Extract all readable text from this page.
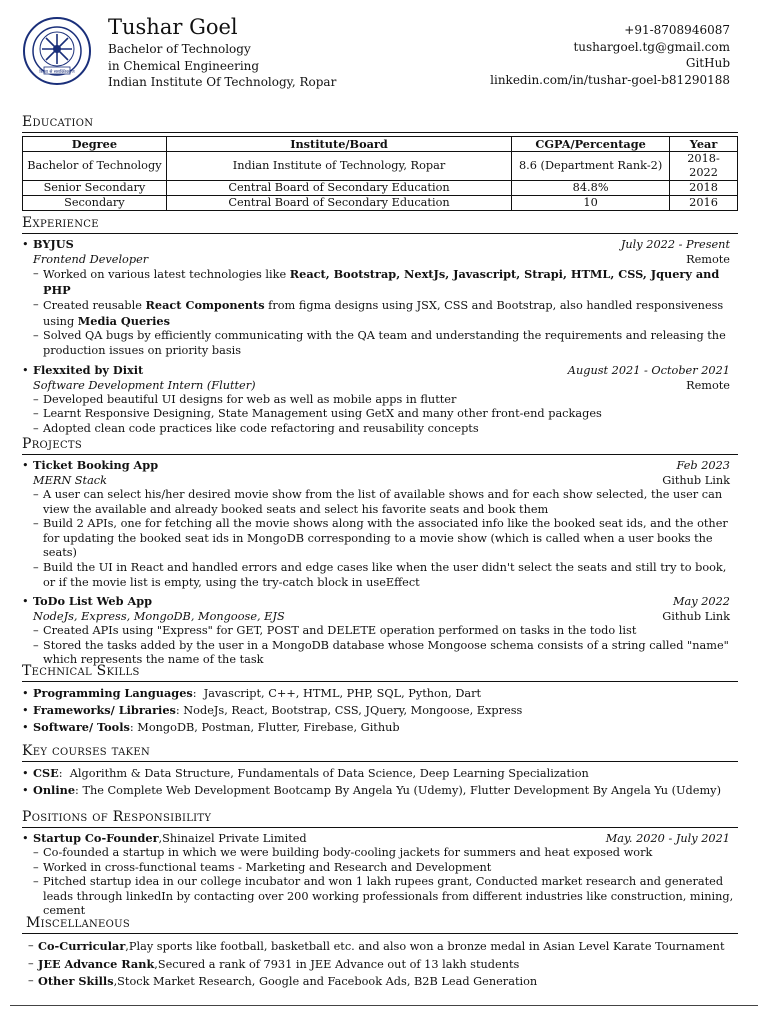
शिक्षा से सशक्तिकरण
Tushar Goel
Bachelor of Technology
in Chemical Engineering
Indian Institute Of Technology, Ropar
+91-8708946087
tushargoel.tg@gmail.com
GitHub
linkedin.com/in/tushar-goel-b81290188
Education
Degree	Institute/Board	CGPA/Percentage	Year
Bachelor of Technology	Indian Institute of Technology, Ropar	8.6 (Department Rank-2)	2018-2022
Senior Secondary	Central Board of Secondary Education	84.8%	2018
Secondary	Central Board of Secondary Education	10	2016
Experience
• BYJUS	July 2022 - Present
Frontend Developer	Remote
– Worked on various latest technologies like React, Bootstrap, NextJs, Javascript, Strapi, HTML, CSS, Jquery and PHP
– Created reusable React Components from figma designs using JSX, CSS and Bootstrap, also handled responsiveness using Media Queries
– Solved QA bugs by efficiently communicating with the QA team and understanding the requirements and releasing the production issues on priority basis
• Flexxited by Dixit	August 2021 - October 2021
Software Development Intern (Flutter)	Remote
– Developed beautiful UI designs for web as well as mobile apps in flutter
– Learnt Responsive Designing, State Management using GetX and many other front-end packages
– Adopted clean code practices like code refactoring and reusability concepts
Projects
• Ticket Booking App	Feb 2023
MERN Stack	Github Link
– A user can select his/her desired movie show from the list of available shows and for each show selected, the user can view the available and already booked seats and select his favorite seats and book them
– Build 2 APIs, one for fetching all the movie shows along with the associated info like the booked seat ids, and the other for updating the booked seat ids in MongoDB corresponding to a movie show (which is called when a user books the seats)
– Build the UI in React and handled errors and edge cases like when the user didn't select the seats and still try to book, or if the movie list is empty, using the try-catch block in useEffect
• ToDo List Web App	May 2022
NodeJs, Express, MongoDB, Mongoose, EJS	Github Link
– Created APIs using "Express" for GET, POST and DELETE operation performed on tasks in the todo list
– Stored the tasks added by the user in a MongoDB database whose Mongoose schema consists of a string called "name" which represents the name of the task
Technical Skills
• Programming Languages:  Javascript, C++, HTML, PHP, SQL, Python, Dart
• Frameworks/ Libraries: NodeJs, React, Bootstrap, CSS, JQuery, Mongoose, Express
• Software/ Tools: MongoDB, Postman, Flutter, Firebase, Github
Key courses taken
• CSE:  Algorithm & Data Structure, Fundamentals of Data Science, Deep Learning Specialization
• Online: The Complete Web Development Bootcamp By Angela Yu (Udemy), Flutter Development By Angela Yu (Udemy)
Positions of Responsibility
• Startup Co-Founder,Shinaizel Private Limited	May. 2020 - July 2021
– Co-founded a startup in which we were building body-cooling jackets for summers and heat exposed work
– Worked in cross-functional teams - Marketing and Research and Development
– Pitched startup idea in our college incubator and won 1 lakh rupees grant, Conducted market research and generated leads through linkedIn by contacting over 200 working professionals from different industries like construction, mining, cement
Miscellaneous
– Co-Curricular,Play sports like football, basketball etc. and also won a bronze medal in Asian Level Karate Tournament
– JEE Advance Rank,Secured a rank of 7931 in JEE Advance out of 13 lakh students
– Other Skills,Stock Market Research, Google and Facebook Ads, B2B Lead Generation
